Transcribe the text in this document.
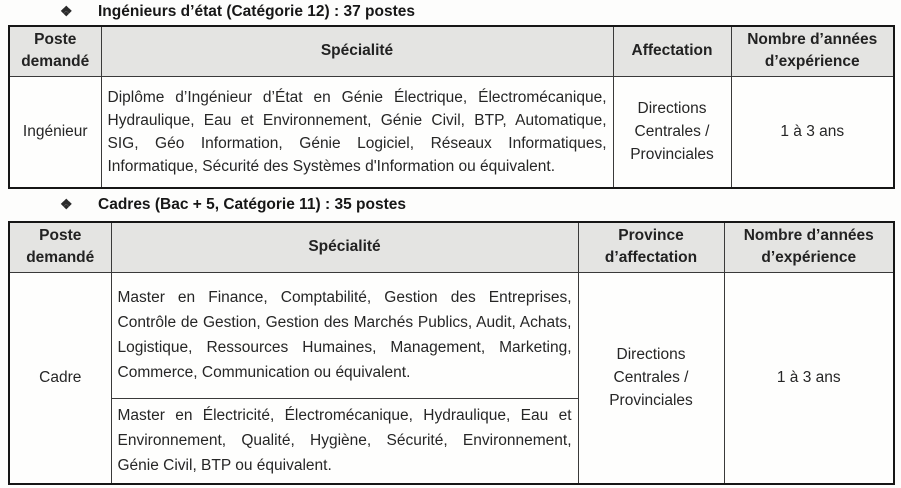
❖	Ingénieurs d’état (Catégorie 12) : 37 postes
Poste demandé	Spécialité	Affectation	Nombre d’années d’expérience
Ingénieur	Diplôme d’Ingénieur d’État en Génie Électrique, Électromécanique, Hydraulique, Eau et Environnement, Génie Civil, BTP, Automatique, SIG, Géo Information, Génie Logiciel, Réseaux Informatiques, Informatique, Sécurité des Systèmes d'Information ou équivalent.	Directions Centrales / Provinciales	1 à 3 ans
❖	Cadres (Bac + 5, Catégorie 11) : 35 postes
Poste demandé	Spécialité	Province d’affectation	Nombre d’années d’expérience
Cadre	Master en Finance, Comptabilité, Gestion des Entreprises, Contrôle de Gestion, Gestion des Marchés Publics, Audit, Achats, Logistique, Ressources Humaines, Management, Marketing, Commerce, Communication ou équivalent.	Directions Centrales / Provinciales	1 à 3 ans
	Master en Électricité, Électromécanique, Hydraulique, Eau et Environnement, Qualité, Hygiène, Sécurité, Environnement, Génie Civil, BTP ou équivalent.		
